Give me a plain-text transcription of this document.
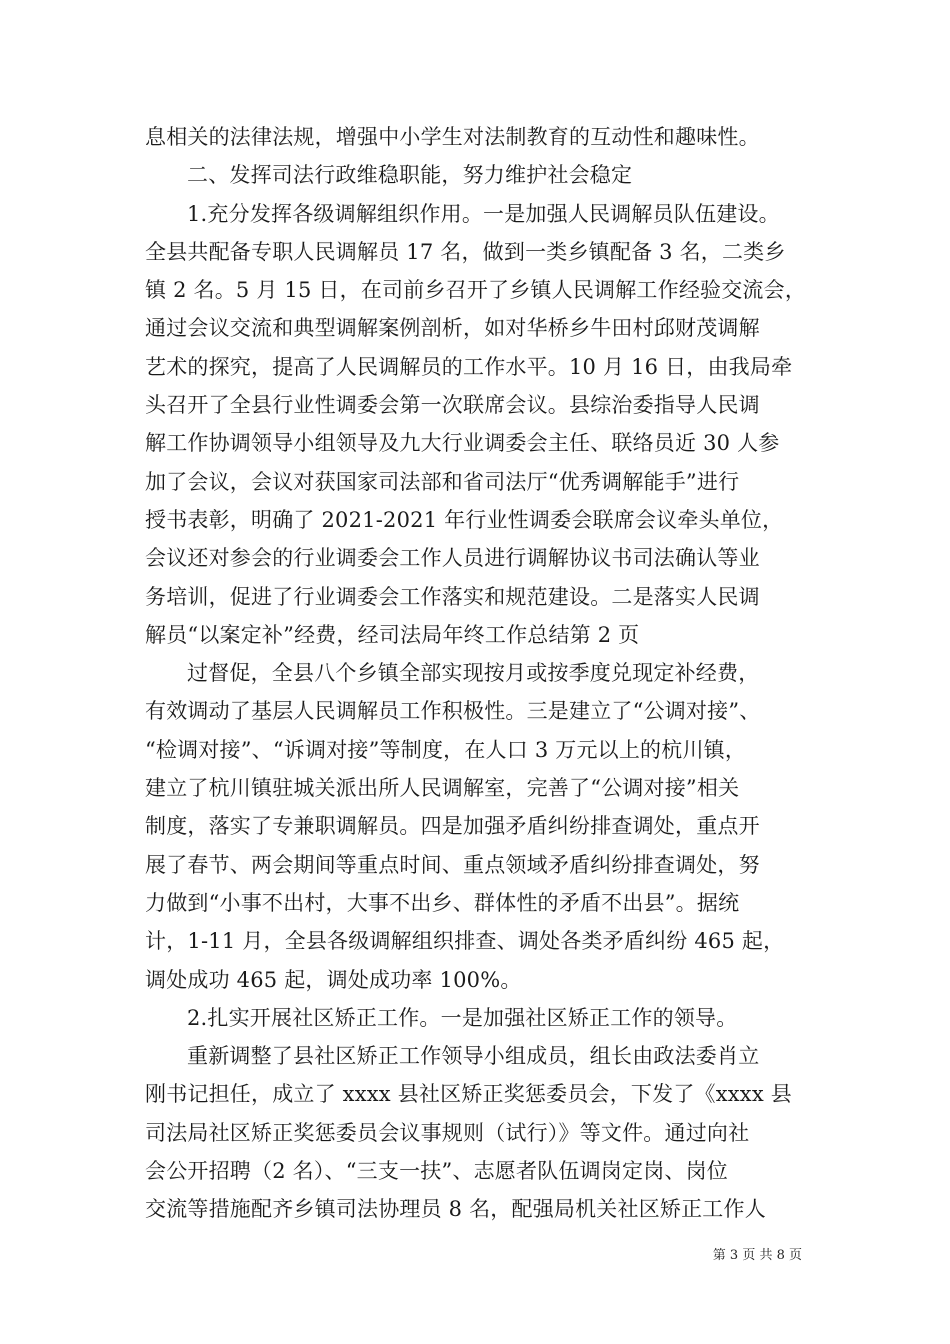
息相关的法律法规，增强中小学生对法制教育的互动性和趣味性。
二、发挥司法行政维稳职能，努力维护社会稳定
1.充分发挥各级调解组织作用。一是加强人民调解员队伍建设。
全县共配备专职人民调解员 17 名，做到一类乡镇配备 3 名，二类乡
镇 2 名。5 月 15 日，在司前乡召开了乡镇人民调解工作经验交流会，
通过会议交流和典型调解案例剖析，如对华桥乡牛田村邱财茂调解
艺术的探究，提高了人民调解员的工作水平。10 月 16 日，由我局牵
头召开了全县行业性调委会第一次联席会议。县综治委指导人民调
解工作协调领导小组领导及九大行业调委会主任、联络员近 30 人参
加了会议，会议对获国家司法部和省司法厅“优秀调解能手”进行
授书表彰，明确了 2021-2021 年行业性调委会联席会议牵头单位，
会议还对参会的行业调委会工作人员进行调解协议书司法确认等业
务培训，促进了行业调委会工作落实和规范建设。二是落实人民调
解员“以案定补”经费，经司法局年终工作总结第 2 页
过督促，全县八个乡镇全部实现按月或按季度兑现定补经费，
有效调动了基层人民调解员工作积极性。三是建立了“公调对接”、
“检调对接”、“诉调对接”等制度，在人口 3 万元以上的杭川镇，
建立了杭川镇驻城关派出所人民调解室，完善了“公调对接”相关
制度，落实了专兼职调解员。四是加强矛盾纠纷排查调处，重点开
展了春节、两会期间等重点时间、重点领域矛盾纠纷排查调处，努
力做到“小事不出村，大事不出乡、群体性的矛盾不出县”。据统
计，1-11 月，全县各级调解组织排查、调处各类矛盾纠纷 465 起，
调处成功 465 起，调处成功率 100%。
2.扎实开展社区矫正工作。一是加强社区矫正工作的领导。
重新调整了县社区矫正工作领导小组成员，组长由政法委肖立
刚书记担任，成立了 xxxx 县社区矫正奖惩委员会，下发了《xxxx 县
司法局社区矫正奖惩委员会议事规则（试行）》等文件。通过向社
会公开招聘（2 名）、“三支一扶”、志愿者队伍调岗定岗、岗位
交流等措施配齐乡镇司法协理员 8 名，配强局机关社区矫正工作人
第 3 页 共 8 页
